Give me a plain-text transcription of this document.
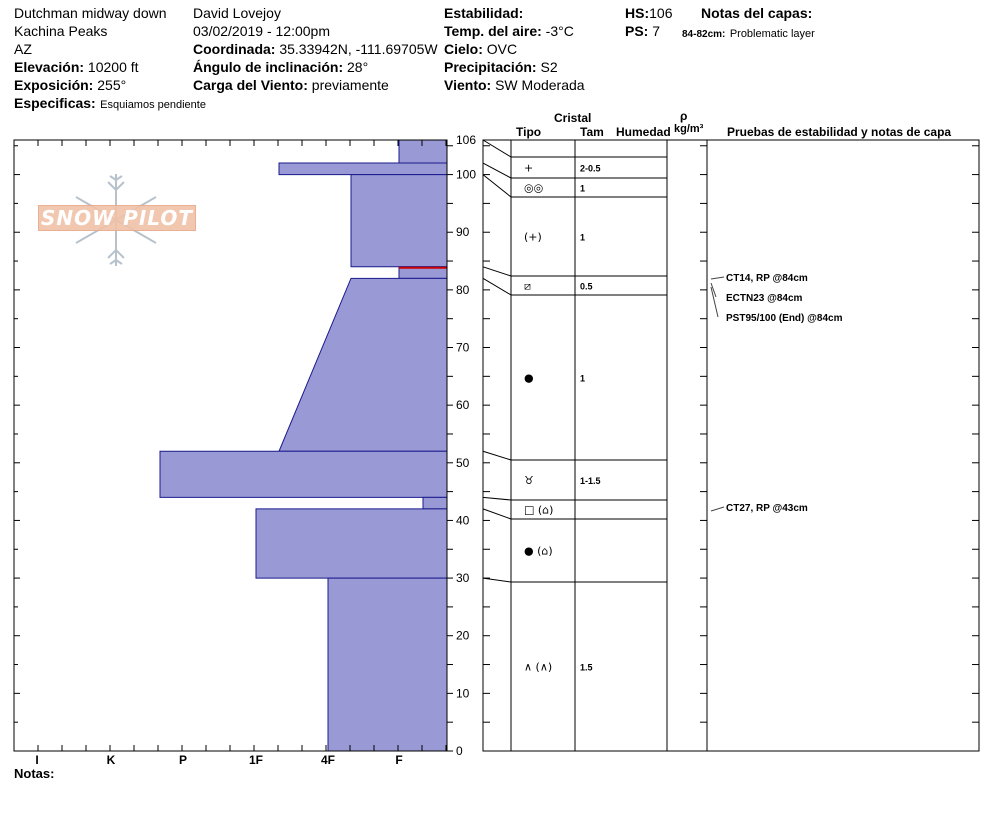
Dutchman midway down
Kachina Peaks
AZ
Elevación: 10200 ft
Exposición: 255°
Especificas: Esquiamos pendiente
David Lovejoy
03/02/2019 - 12:00pm
Coordinada: 35.33942N, -111.69705W
Ángulo de inclinación: 28°
Carga del Viento: previamente
Estabilidad:
Temp. del aire: -3°C
Cielo: OVC
Precipitación: S2
Viento: SW Moderada
HS:106
PS: 7
Notas del capas:
84-82cm: Problematic layer
Cristal
Tipo	Tam Humedad
ρ
kg/m³ Pruebas de estabilidad y notas de capa
SNOW PILOT
106
100
90
80
70
60
50
40
30
20
10
0
I	K	P	1F	4F	F
+	2-0.5
◎◎	1
(+)	1
⧄	0.5
●	1
♉	1-1.5
□ (⌂)
● (⌂)
∧ (∧)	1.5
CT14, RP @84cm
ECTN23 @84cm
PST95/100 (End) @84cm
CT27, RP @43cm
Notas:
